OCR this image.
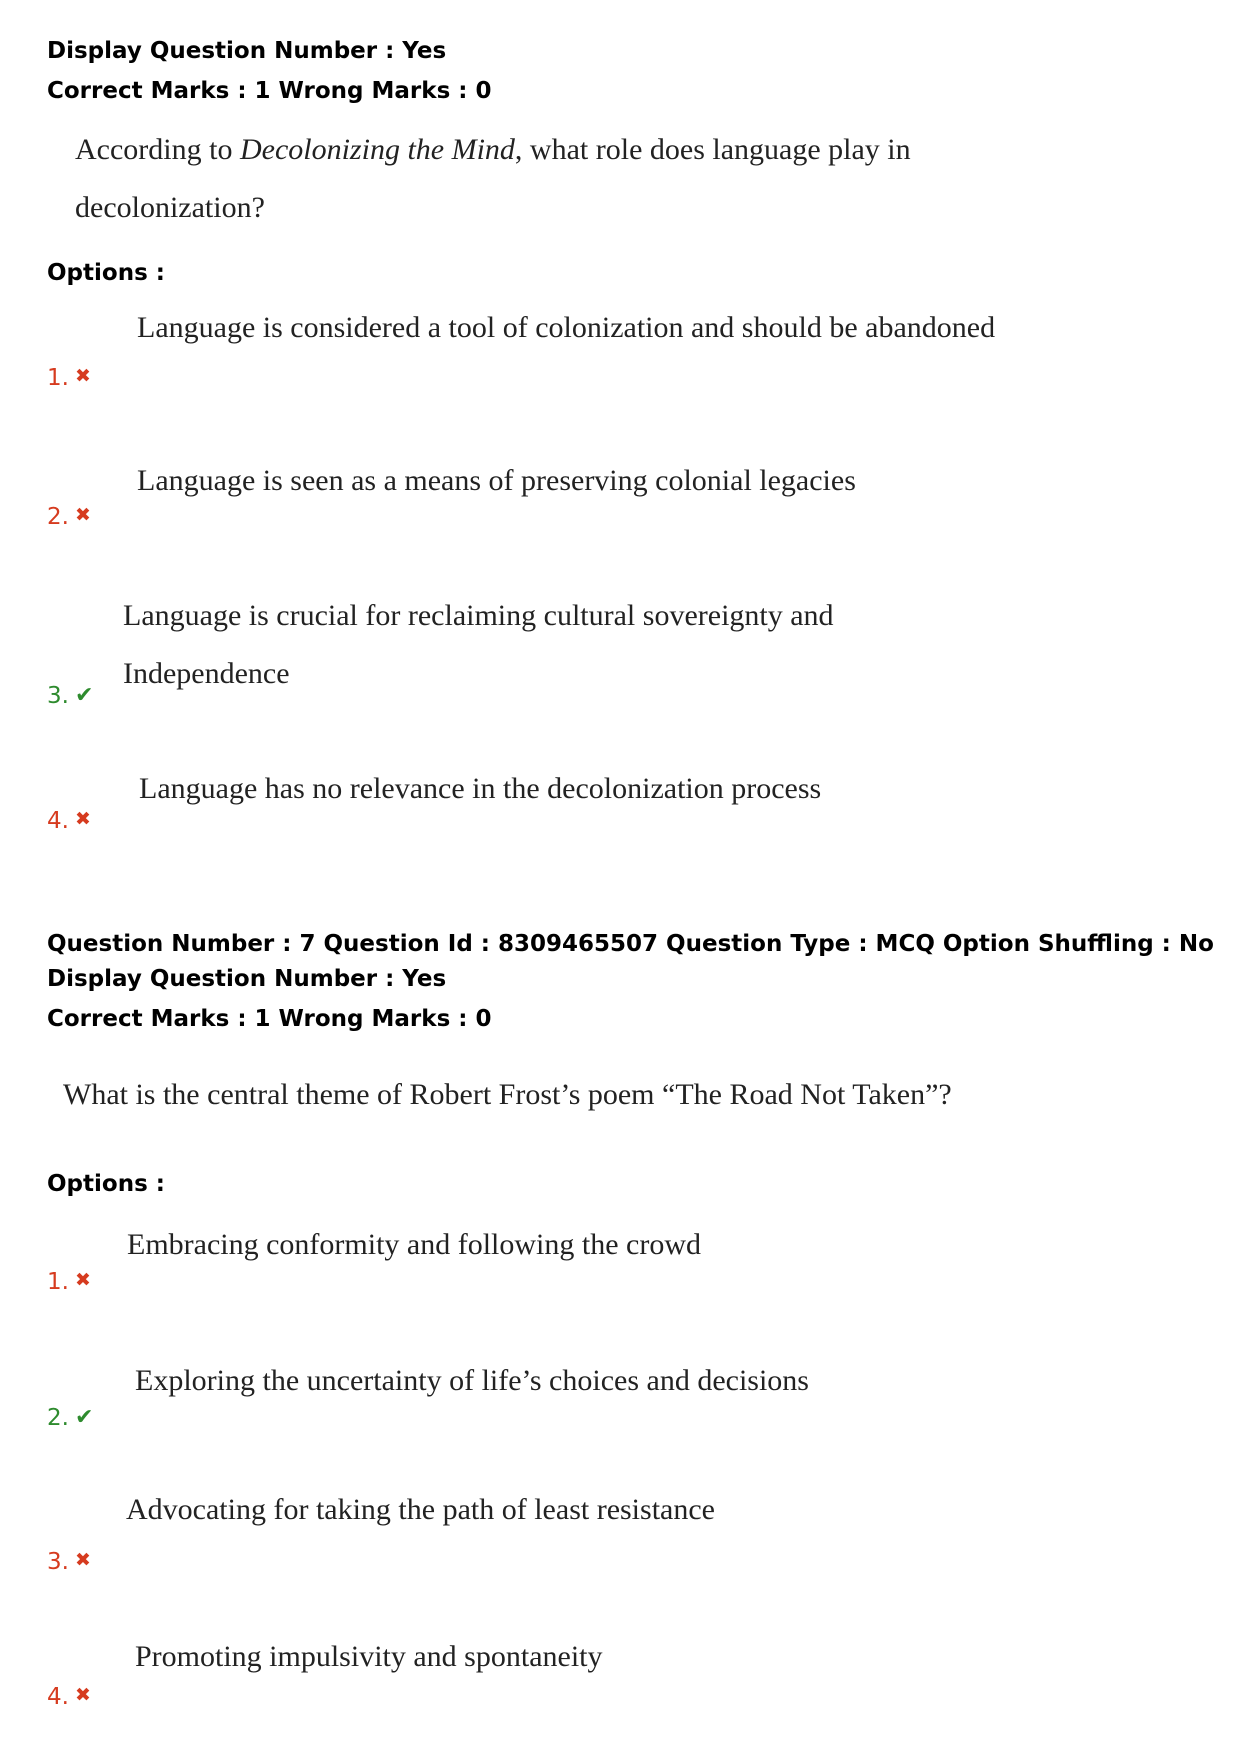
Display Question Number : Yes
Correct Marks : 1 Wrong Marks : 0
According to Decolonizing the Mind, what role does language play in
decolonization?
Options :
Language is considered a tool of colonization and should be abandoned
1. ✖
Language is seen as a means of preserving colonial legacies
2. ✖
Language is crucial for reclaiming cultural sovereignty and
Independence
3. ✔
Language has no relevance in the decolonization process
4. ✖
Question Number : 7 Question Id : 8309465507 Question Type : MCQ Option Shuffling : No
Display Question Number : Yes
Correct Marks : 1 Wrong Marks : 0
What is the central theme of Robert Frost’s poem “The Road Not Taken”?
Options :
Embracing conformity and following the crowd
1. ✖
Exploring the uncertainty of life’s choices and decisions
2. ✔
Advocating for taking the path of least resistance
3. ✖
Promoting impulsivity and spontaneity
4. ✖
